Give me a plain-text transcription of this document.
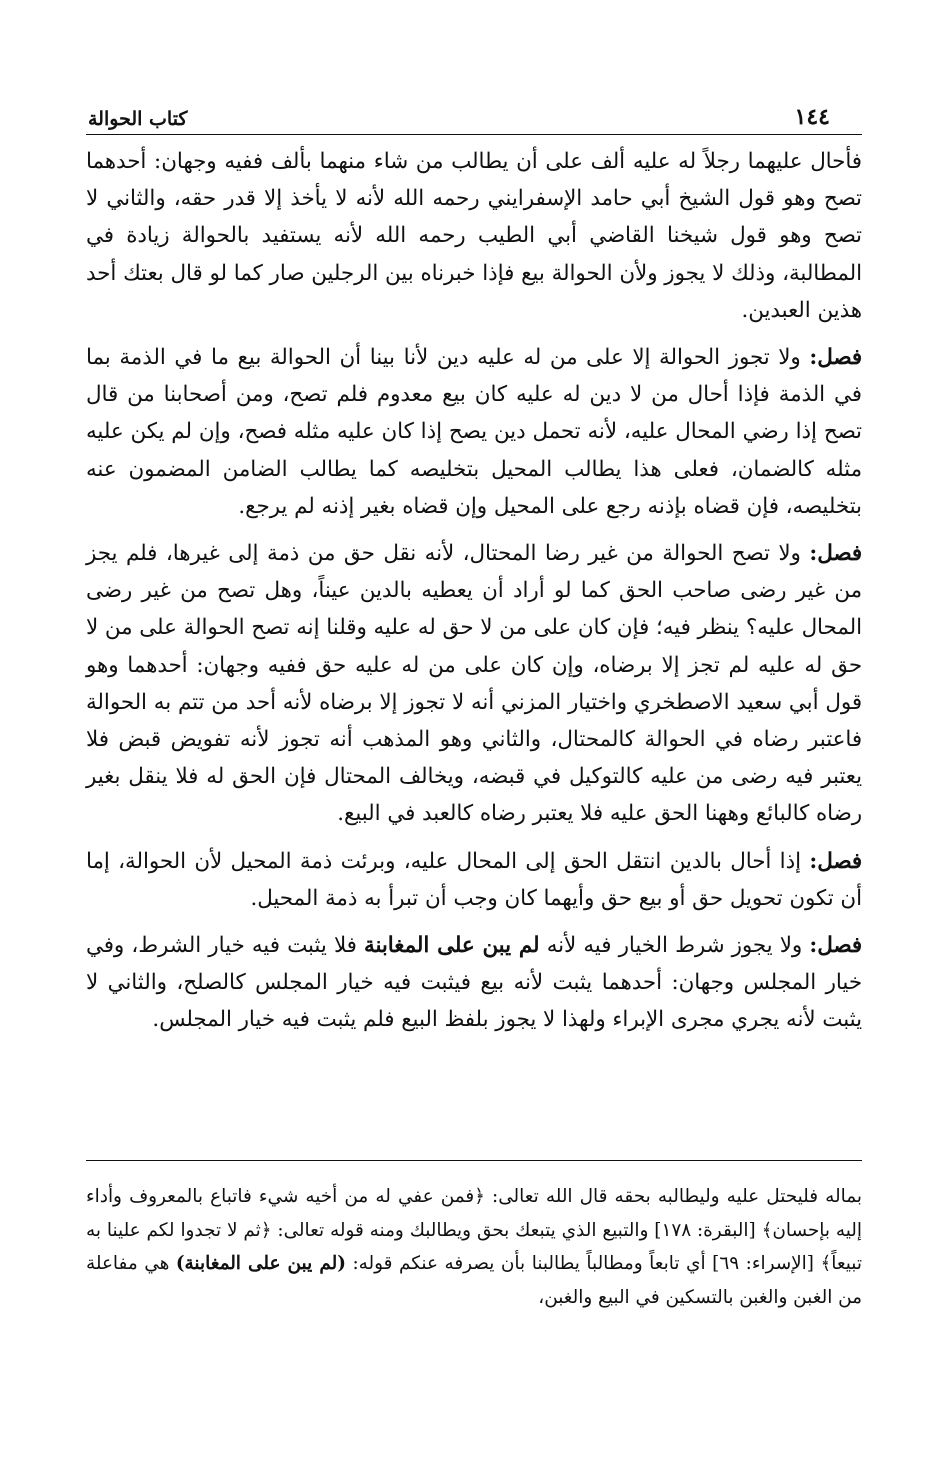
١٤٤
كتاب الحوالة

فأحال عليهما رجلاً له عليه ألف على أن يطالب من شاء منهما بألف ففيه وجهان: أحدهما تصح وهو قول الشيخ أبي حامد الإسفرايني رحمه الله لأنه لا يأخذ إلا قدر حقه، والثاني لا تصح وهو قول شيخنا القاضي أبي الطيب رحمه الله لأنه يستفيد بالحوالة زيادة في المطالبة، وذلك لا يجوز ولأن الحوالة بيع فإذا خبرناه بين الرجلين صار كما لو قال بعتك أحد هذين العبدين.

فصل: ولا تجوز الحوالة إلا على من له عليه دين لأنا بينا أن الحوالة بيع ما في الذمة بما في الذمة فإذا أحال من لا دين له عليه كان بيع معدوم فلم تصح، ومن أصحابنا من قال تصح إذا رضي المحال عليه، لأنه تحمل دين يصح إذا كان عليه مثله فصح، وإن لم يكن عليه مثله كالضمان، فعلى هذا يطالب المحيل بتخليصه كما يطالب الضامن المضمون عنه بتخليصه، فإن قضاه بإذنه رجع على المحيل وإن قضاه بغير إذنه لم يرجع.

فصل: ولا تصح الحوالة من غير رضا المحتال، لأنه نقل حق من ذمة إلى غيرها، فلم يجز من غير رضى صاحب الحق كما لو أراد أن يعطيه بالدين عيناً، وهل تصح من غير رضى المحال عليه؟ ينظر فيه؛ فإن كان على من لا حق له عليه وقلنا إنه تصح الحوالة على من لا حق له عليه لم تجز إلا برضاه، وإن كان على من له عليه حق ففيه وجهان: أحدهما وهو قول أبي سعيد الاصطخري واختيار المزني أنه لا تجوز إلا برضاه لأنه أحد من تتم به الحوالة فاعتبر رضاه في الحوالة كالمحتال، والثاني وهو المذهب أنه تجوز لأنه تفويض قبض فلا يعتبر فيه رضى من عليه كالتوكيل في قبضه، ويخالف المحتال فإن الحق له فلا ينقل بغير رضاه كالبائع وههنا الحق عليه فلا يعتبر رضاه كالعبد في البيع.

فصل: إذا أحال بالدين انتقل الحق إلى المحال عليه، وبرئت ذمة المحيل لأن الحوالة، إما أن تكون تحويل حق أو بيع حق وأيهما كان وجب أن تبرأ به ذمة المحيل.

فصل: ولا يجوز شرط الخيار فيه لأنه لم يبن على المغابنة فلا يثبت فيه خيار الشرط، وفي خيار المجلس وجهان: أحدهما يثبت لأنه بيع فيثبت فيه خيار المجلس كالصلح، والثاني لا يثبت لأنه يجري مجرى الإبراء ولهذا لا يجوز بلفظ البيع فلم يثبت فيه خيار المجلس.

بماله فليحتل عليه وليطالبه بحقه قال الله تعالى: ﴿فمن عفي له من أخيه شيء فاتباع بالمعروف وأداء إليه بإحسان﴾ [البقرة: ١٧٨] والتبيع الذي يتبعك بحق ويطالبك ومنه قوله تعالى: ﴿ثم لا تجدوا لكم علينا به تبيعاً﴾ [الإسراء: ٦٩] أي تابعاً ومطالباً يطالبنا بأن يصرفه عنكم قوله: (لم يبن على المغابنة) هي مفاعلة من الغبن والغبن بالتسكين في البيع والغبن،
